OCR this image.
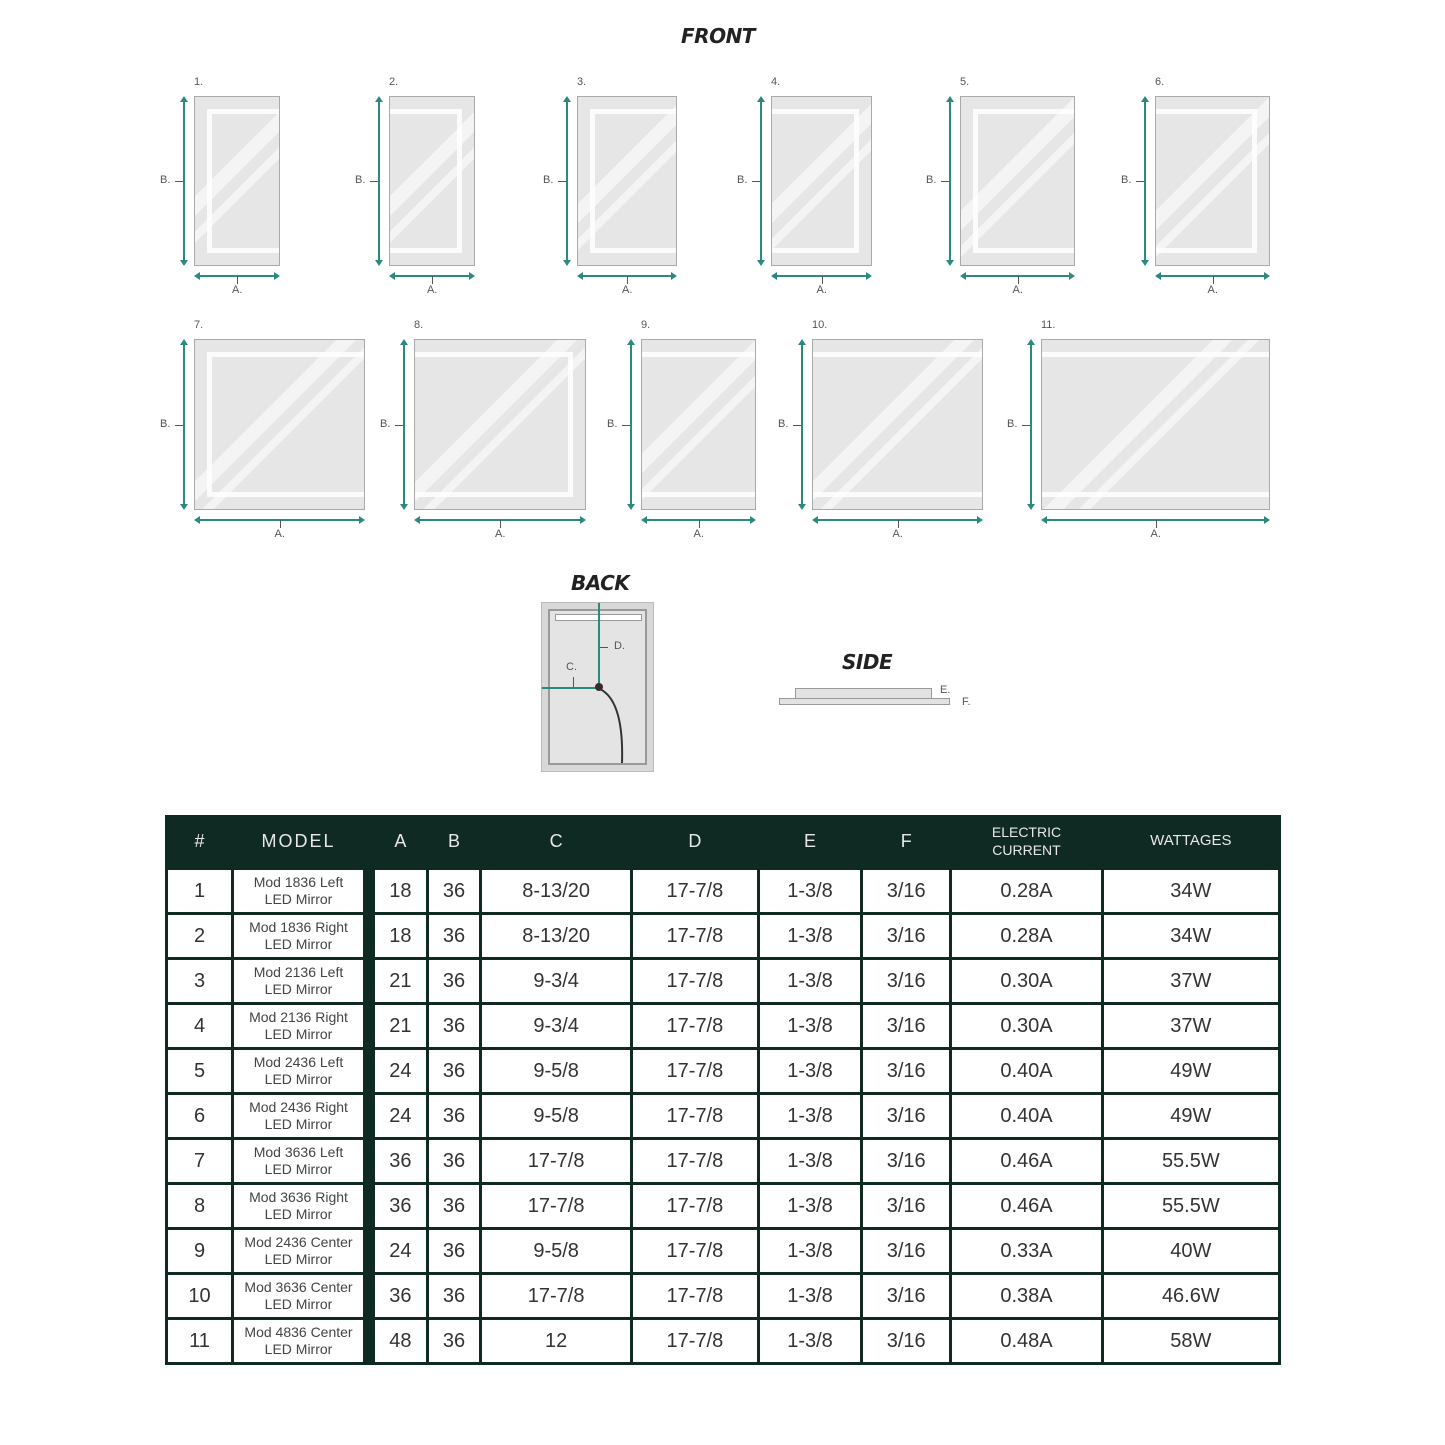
FRONT
1.
B.
A.
2.
B.
A.
3.
B.
A.
4.
B.
A.
5.
B.
A.
6.
B.
A.
7.
B.
A.
8.
B.
A.
9.
B.
A.
10.
B.
A.
11.
B.
A.
BACK
D.
C.	SIDE
E.
F.
#	MODEL		A	B	C	D	E	F	ELECTRIC
CURRENT	WATTAGES
1	Mod 1836 Left
LED Mirror		18	36	8-13/20	17-7/8	1-3/8	3/16	0.28A	34W
2	Mod 1836 Right
LED Mirror		18	36	8-13/20	17-7/8	1-3/8	3/16	0.28A	34W
3	Mod 2136 Left
LED Mirror		21	36	9-3/4	17-7/8	1-3/8	3/16	0.30A	37W
4	Mod 2136 Right
LED Mirror		21	36	9-3/4	17-7/8	1-3/8	3/16	0.30A	37W
5	Mod 2436 Left
LED Mirror		24	36	9-5/8	17-7/8	1-3/8	3/16	0.40A	49W
6	Mod 2436 Right
LED Mirror		24	36	9-5/8	17-7/8	1-3/8	3/16	0.40A	49W
7	Mod 3636 Left
LED Mirror		36	36	17-7/8	17-7/8	1-3/8	3/16	0.46A	55.5W
8	Mod 3636 Right
LED Mirror		36	36	17-7/8	17-7/8	1-3/8	3/16	0.46A	55.5W
9	Mod 2436 Center
LED Mirror		24	36	9-5/8	17-7/8	1-3/8	3/16	0.33A	40W
10	Mod 3636 Center
LED Mirror		36	36	17-7/8	17-7/8	1-3/8	3/16	0.38A	46.6W
11	Mod 4836 Center
LED Mirror		48	36	12	17-7/8	1-3/8	3/16	0.48A	58W
